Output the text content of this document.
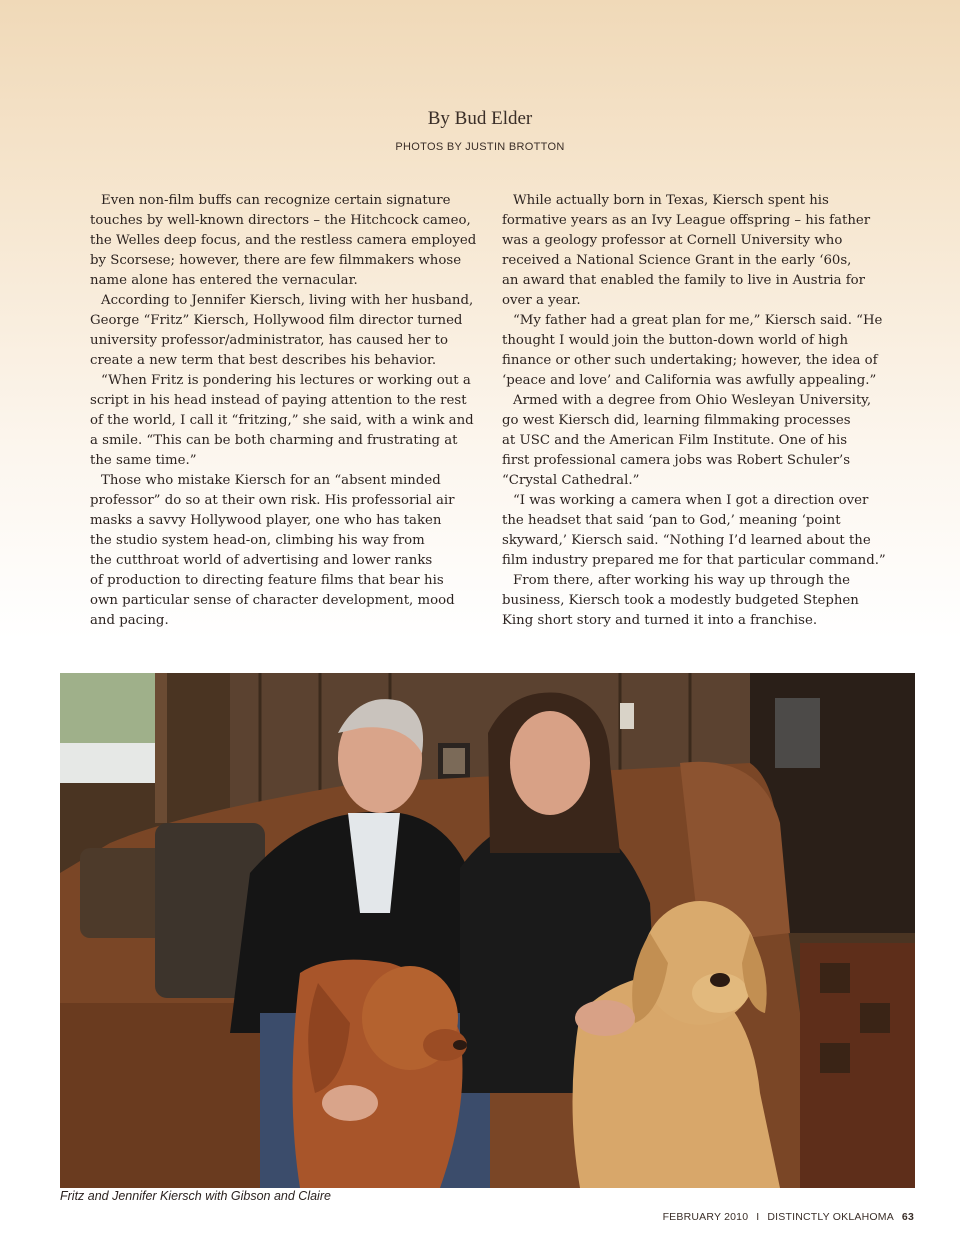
By Bud Elder
PHOTOS BY JUSTIN BROTTON
Even non-film buffs can recognize certain signature
touches by well-known directors – the Hitchcock cameo,
the Welles deep focus, and the restless camera employed
by Scorsese; however, there are few filmmakers whose
name alone has entered the vernacular.
According to Jennifer Kiersch, living with her husband,
George “Fritz” Kiersch, Hollywood film director turned
university professor/administrator, has caused her to
create a new term that best describes his behavior.
“When Fritz is pondering his lectures or working out a
script in his head instead of paying attention to the rest
of the world, I call it “fritzing,” she said, with a wink and
a smile. “This can be both charming and frustrating at
the same time.”
Those who mistake Kiersch for an “absent minded
professor” do so at their own risk. His professorial air
masks a savvy Hollywood player, one who has taken
the studio system head-on, climbing his way from
the cutthroat world of advertising and lower ranks
of production to directing feature films that bear his
own particular sense of character development, mood
and pacing.
While actually born in Texas, Kiersch spent his
formative years as an Ivy League offspring – his father
was a geology professor at Cornell University who
received a National Science Grant in the early ‘60s,
an award that enabled the family to live in Austria for
over a year.
“My father had a great plan for me,” Kiersch said. “He
thought I would join the button-down world of high
finance or other such undertaking; however, the idea of
‘peace and love’ and California was awfully appealing.”
Armed with a degree from Ohio Wesleyan University,
go west Kiersch did, learning filmmaking processes
at USC and the American Film Institute. One of his
first professional camera jobs was Robert Schuler’s
“Crystal Cathedral.”
“I was working a camera when I got a direction over
the headset that said ‘pan to God,’ meaning ‘point
skyward,’ Kiersch said. “Nothing I’d learned about the
film industry prepared me for that particular command.”
From there, after working his way up through the
business, Kiersch took a modestly budgeted Stephen
King short story and turned it into a franchise.
Fritz and Jennifer Kiersch with Gibson and Claire
FEBRUARY 2010 I DISTINCTLY OKLAHOMA 63
